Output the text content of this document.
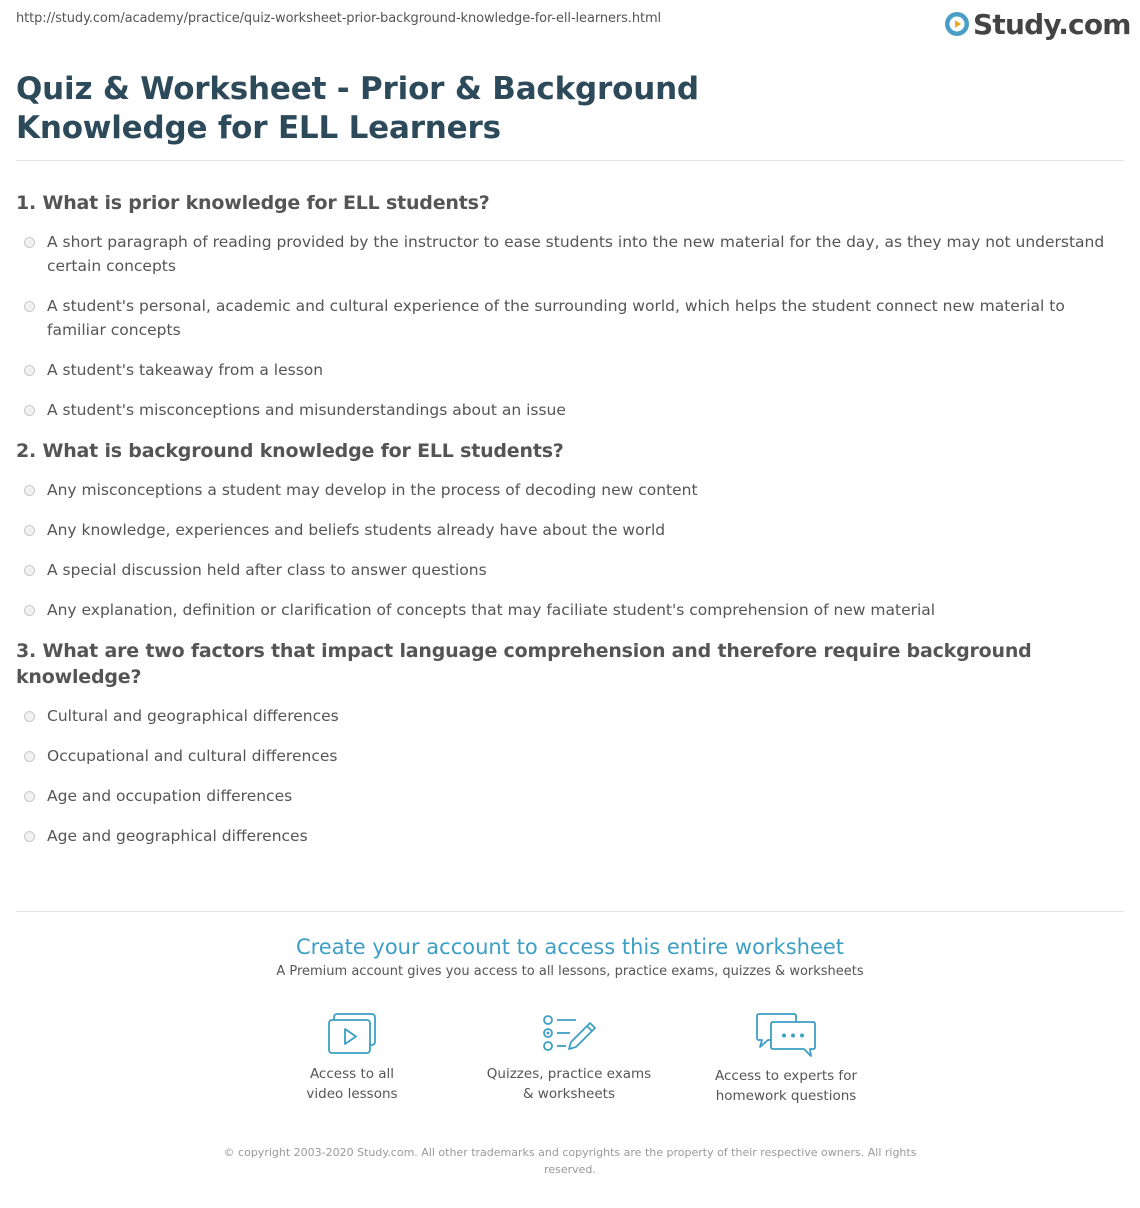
http://study.com/academy/practice/quiz-worksheet-prior-background-knowledge-for-ell-learners.html	Study.com
Quiz & Worksheet - Prior & Background Knowledge for ELL Learners

1. What is prior knowledge for ELL students?

A short paragraph of reading provided by the instructor to ease students into the new material for the day, as they may not understand certain concepts
A student's personal, academic and cultural experience of the surrounding world, which helps the student connect new material to familiar concepts
A student's takeaway from a lesson
A student's misconceptions and misunderstandings about an issue

2. What is background knowledge for ELL students?

Any misconceptions a student may develop in the process of decoding new content
Any knowledge, experiences and beliefs students already have about the world
A special discussion held after class to answer questions
Any explanation, definition or clarification of concepts that may faciliate student's comprehension of new material

3. What are two factors that impact language comprehension and therefore require background knowledge?

Cultural and geographical differences
Occupational and cultural differences
Age and occupation differences
Age and geographical differences

Create your account to access this entire worksheet

A Premium account gives you access to all lessons, practice exams, quizzes & worksheets
Access to all
video lessons
Quizzes, practice exams
& worksheets
Access to experts for
homework questions
© copyright 2003-2020 Study.com. All other trademarks and copyrights are the property of their respective owners. All rights reserved.
